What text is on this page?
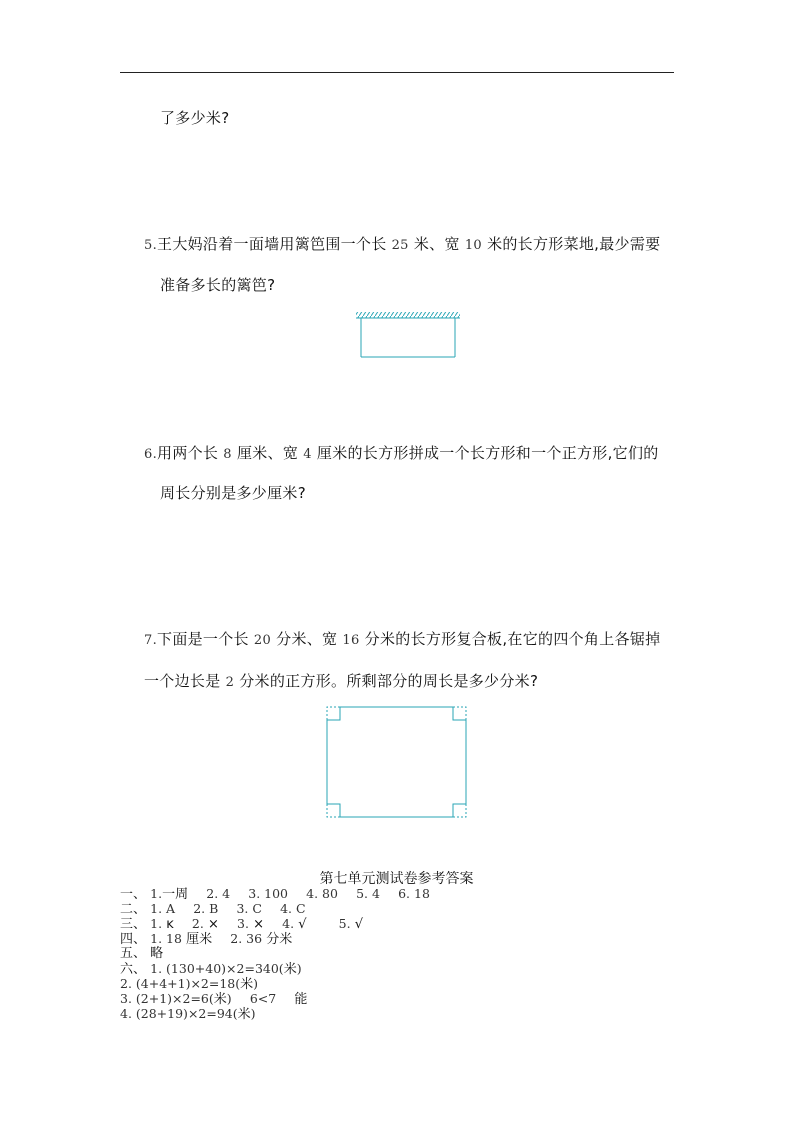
了多少米?
5.王大妈沿着一面墙用篱笆围一个长 25 米、宽 10 米的长方形菜地,最少需要
准备多长的篱笆?
6.用两个长 8 厘米、宽 4 厘米的长方形拼成一个长方形和一个正方形,它们的
周长分别是多少厘米?
7.下面是一个长 20 分米、宽 16 分米的长方形复合板,在它的四个角上各锯掉
一个边长是 2 分米的正方形。所剩部分的周长是多少分米?
第七单元测试卷参考答案
一、 1.一周 2. 4 3. 100 4. 80 5. 4 6. 18
二、 1. A 2. B 3. C 4. C
三、 1. ĸ 2. × 3. × 4. √	5. √
四、 1. 18 厘米 2. 36 分米
五、 略
六、 1. (130+40)×2=340(米)
2. (4+4+1)×2=18(米)
3. (2+1)×2=6(米) 6<7 能
4. (28+19)×2=94(米)
